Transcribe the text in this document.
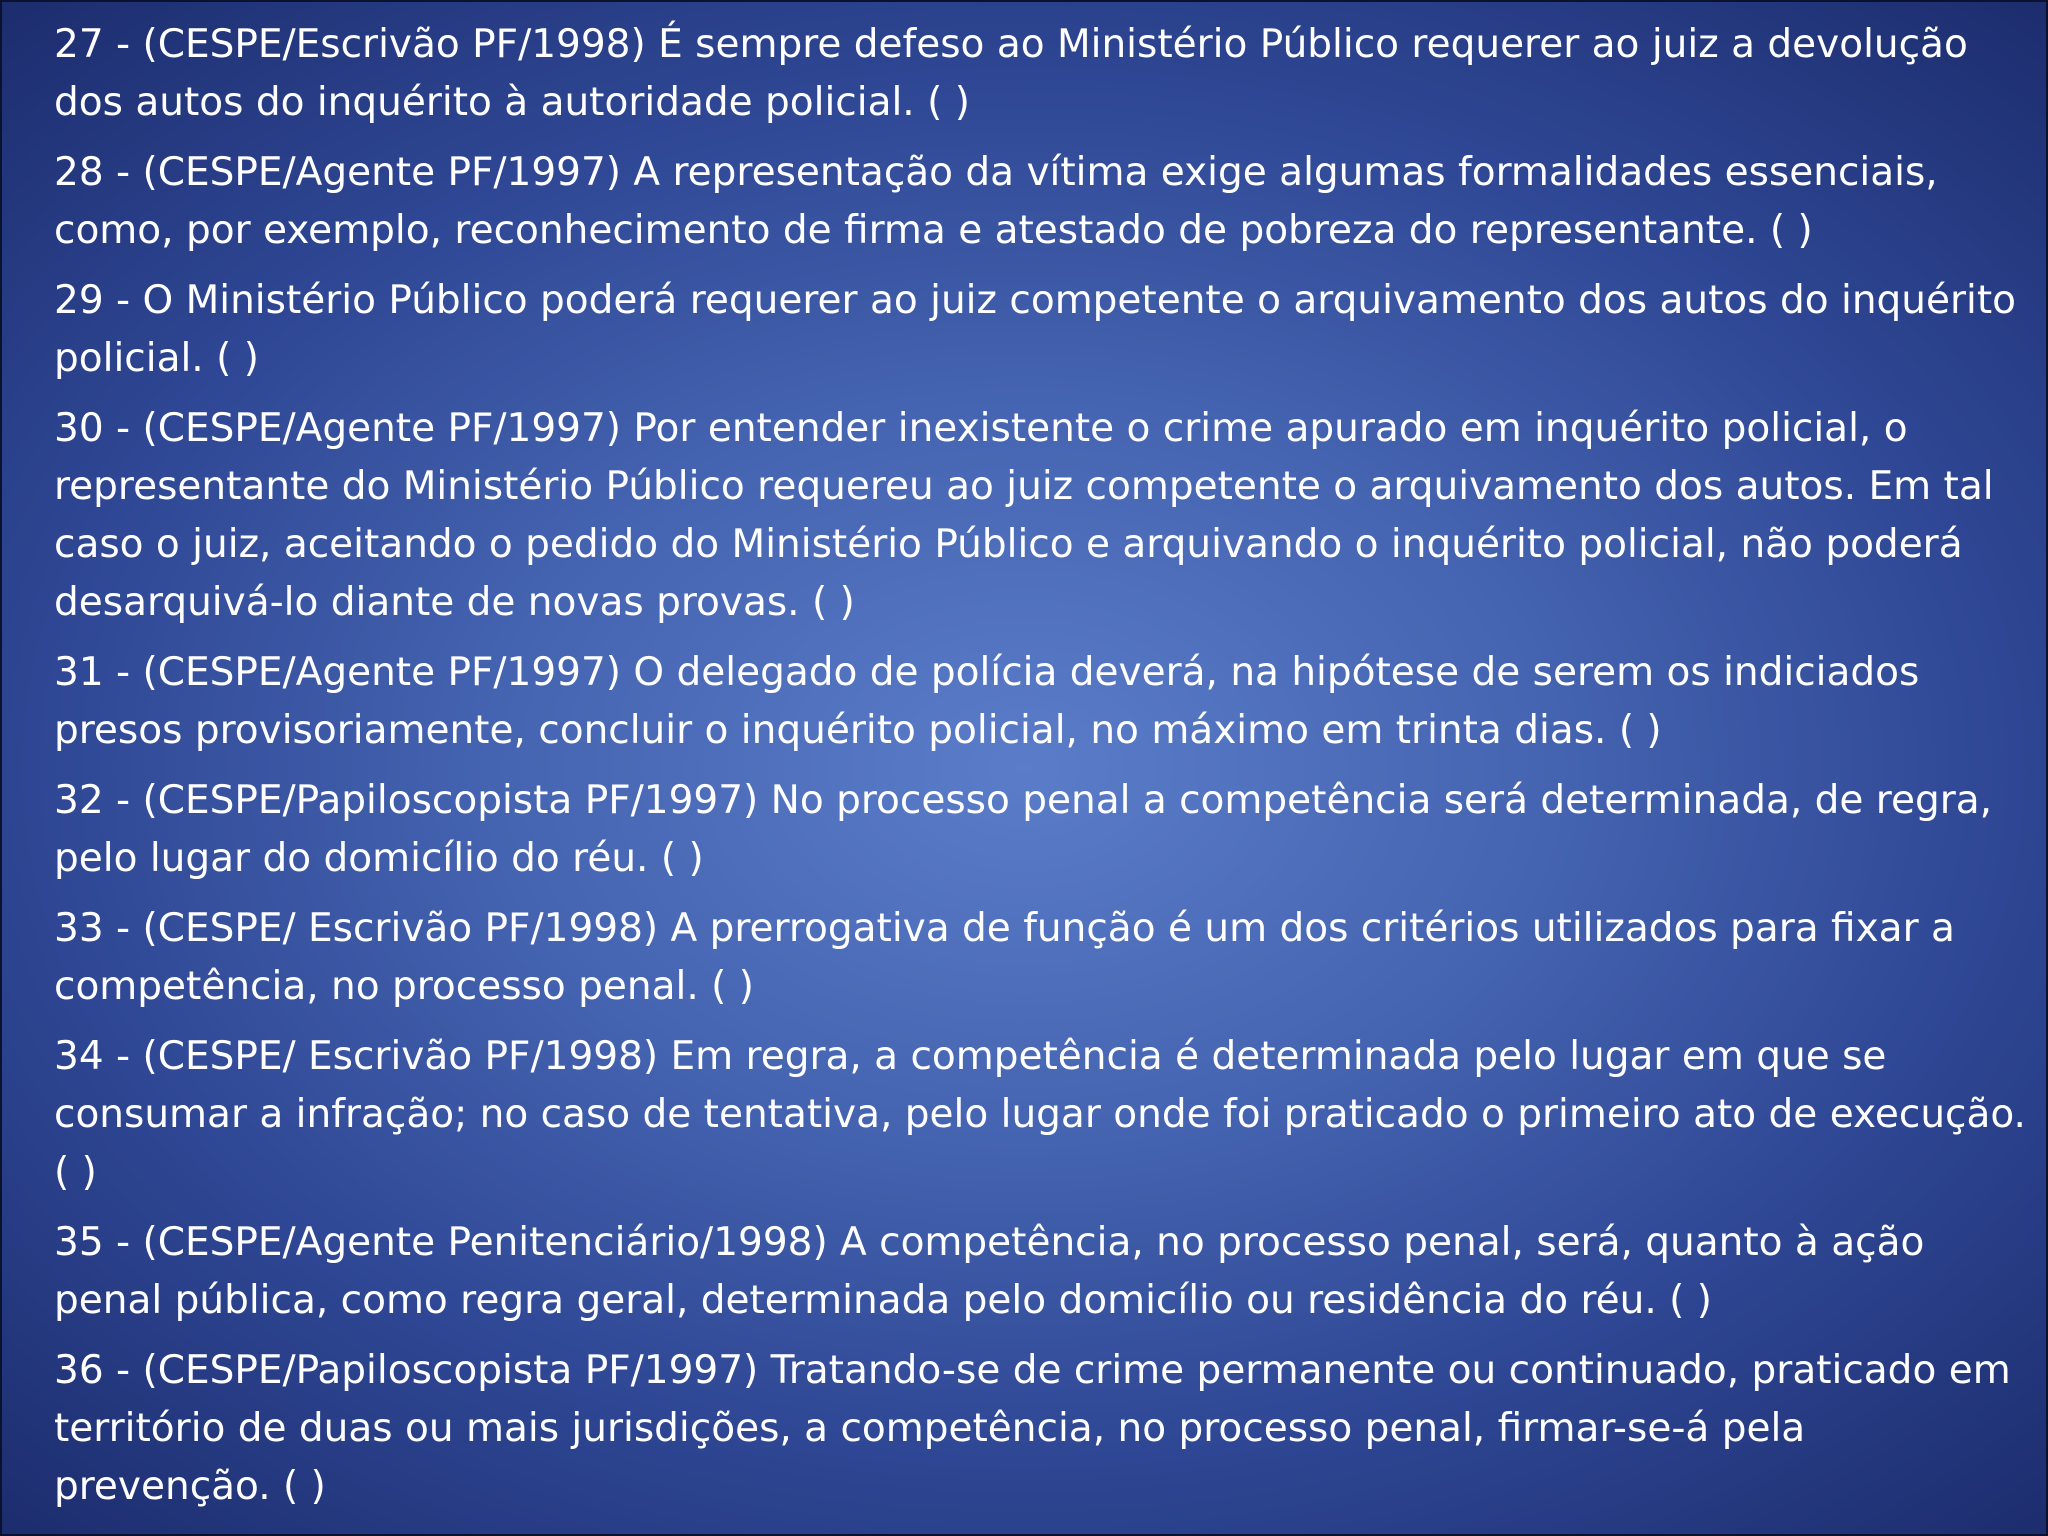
27 - (CESPE/Escrivão PF/1998) É sempre defeso ao Ministério Público requerer ao juiz a devolução dos autos do inquérito à autoridade policial. ( )
28 - (CESPE/Agente PF/1997) A representação da vítima exige algumas formalidades essenciais, como, por exemplo, reconhecimento de firma e atestado de pobreza do representante. ( )
29 - O Ministério Público poderá requerer ao juiz competente o arquivamento dos autos do inquérito policial. ( )
30 - (CESPE/Agente PF/1997) Por entender inexistente o crime apurado em inquérito policial, o representante do Ministério Público requereu ao juiz competente o arquivamento dos autos. Em tal caso o juiz, aceitando o pedido do Ministério Público e arquivando o inquérito policial, não poderá desarquivá-lo diante de novas provas. ( )
31 - (CESPE/Agente PF/1997) O delegado de polícia deverá, na hipótese de serem os indiciados presos provisoriamente, concluir o inquérito policial, no máximo em trinta dias. ( )
32 - (CESPE/Papiloscopista PF/1997) No processo penal a competência será determinada, de regra, pelo lugar do domicílio do réu. ( )
33 - (CESPE/ Escrivão PF/1998) A prerrogativa de função é um dos critérios utilizados para fixar a competência, no processo penal. ( )
34 - (CESPE/ Escrivão PF/1998) Em regra, a competência é determinada pelo lugar em que se consumar a infração; no caso de tentativa, pelo lugar onde foi praticado o primeiro ato de execução. ( )
35 - (CESPE/Agente Penitenciário/1998) A competência, no processo penal, será, quanto à ação penal pública, como regra geral, determinada pelo domicílio ou residência do réu. ( )
36 - (CESPE/Papiloscopista PF/1997) Tratando-se de crime permanente ou continuado, praticado em território de duas ou mais jurisdições, a competência, no processo penal, firmar-se-á pela prevenção. ( )
